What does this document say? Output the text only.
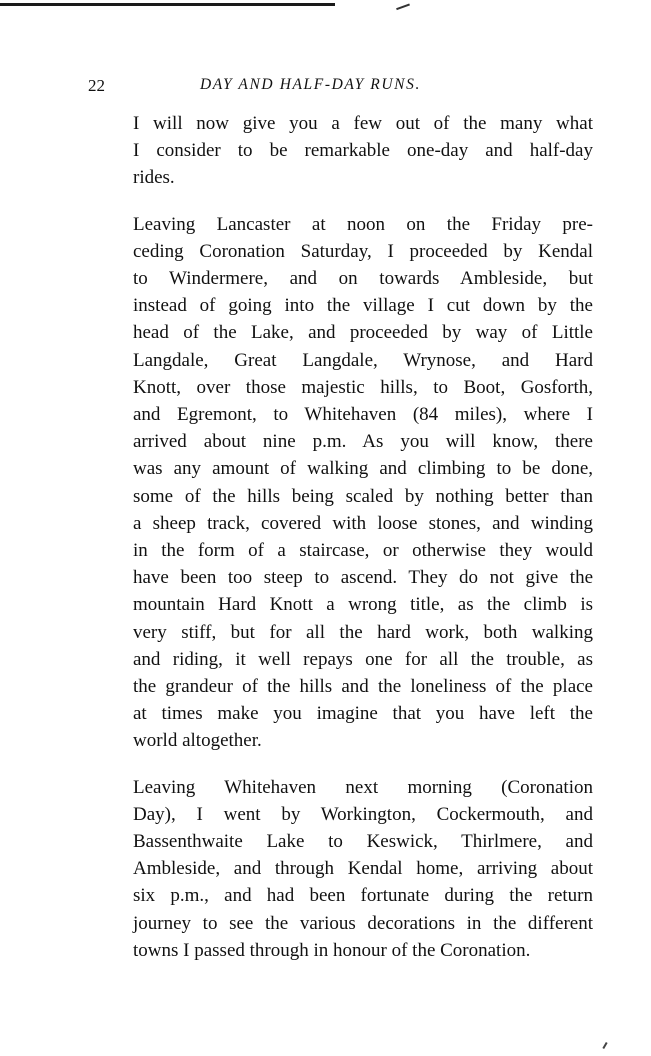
22	DAY AND HALF-DAY RUNS.

I will now give you a few out of the many what
I consider to be remarkable one-day and half-day
rides.

Leaving Lancaster at noon on the Friday pre-
ceding Coronation Saturday, I proceeded by Kendal
to Windermere, and on towards Ambleside, but
instead of going into the village I cut down by the
head of the Lake, and proceeded by way of Little
Langdale, Great Langdale, Wrynose, and Hard
Knott, over those majestic hills, to Boot, Gosforth,
and Egremont, to Whitehaven (84 miles), where I
arrived about nine p.m. As you will know, there
was any amount of walking and climbing to be done,
some of the hills being scaled by nothing better than
a sheep track, covered with loose stones, and winding
in the form of a staircase, or otherwise they would
have been too steep to ascend. They do not give the
mountain Hard Knott a wrong title, as the climb is
very stiff, but for all the hard work, both walking
and riding, it well repays one for all the trouble, as
the grandeur of the hills and the loneliness of the place
at times make you imagine that you have left the
world altogether.

Leaving Whitehaven next morning (Coronation
Day), I went by Workington, Cockermouth, and
Bassenthwaite Lake to Keswick, Thirlmere, and
Ambleside, and through Kendal home, arriving about
six p.m., and had been fortunate during the return
journey to see the various decorations in the different
towns I passed through in honour of the Coronation.
